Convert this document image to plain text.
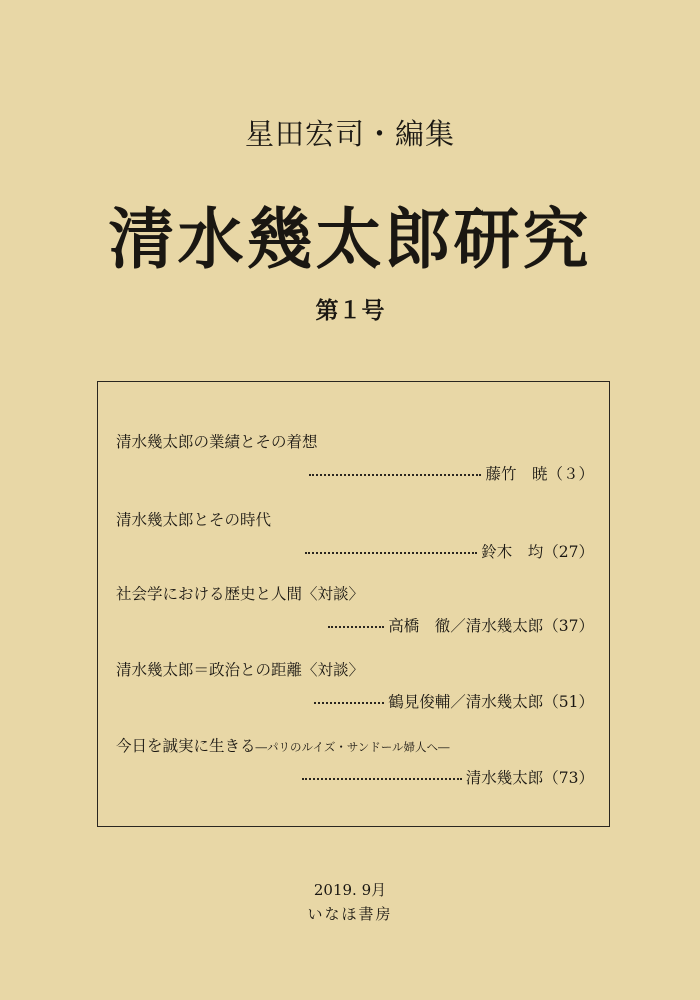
星田宏司・編集
清水幾太郎研究
第１号
清水幾太郎の業績とその着想
藤竹　暁（３）
清水幾太郎とその時代
鈴木　均（27）
社会学における歴史と人間〈対談〉
高橋　徹／清水幾太郎（37）
清水幾太郎＝政治との距離〈対談〉
鶴見俊輔／清水幾太郎（51）
今日を誠実に生きる―パリのルイズ・サンドール婦人へ―
清水幾太郎（73）
2019. 9月
いなほ書房
